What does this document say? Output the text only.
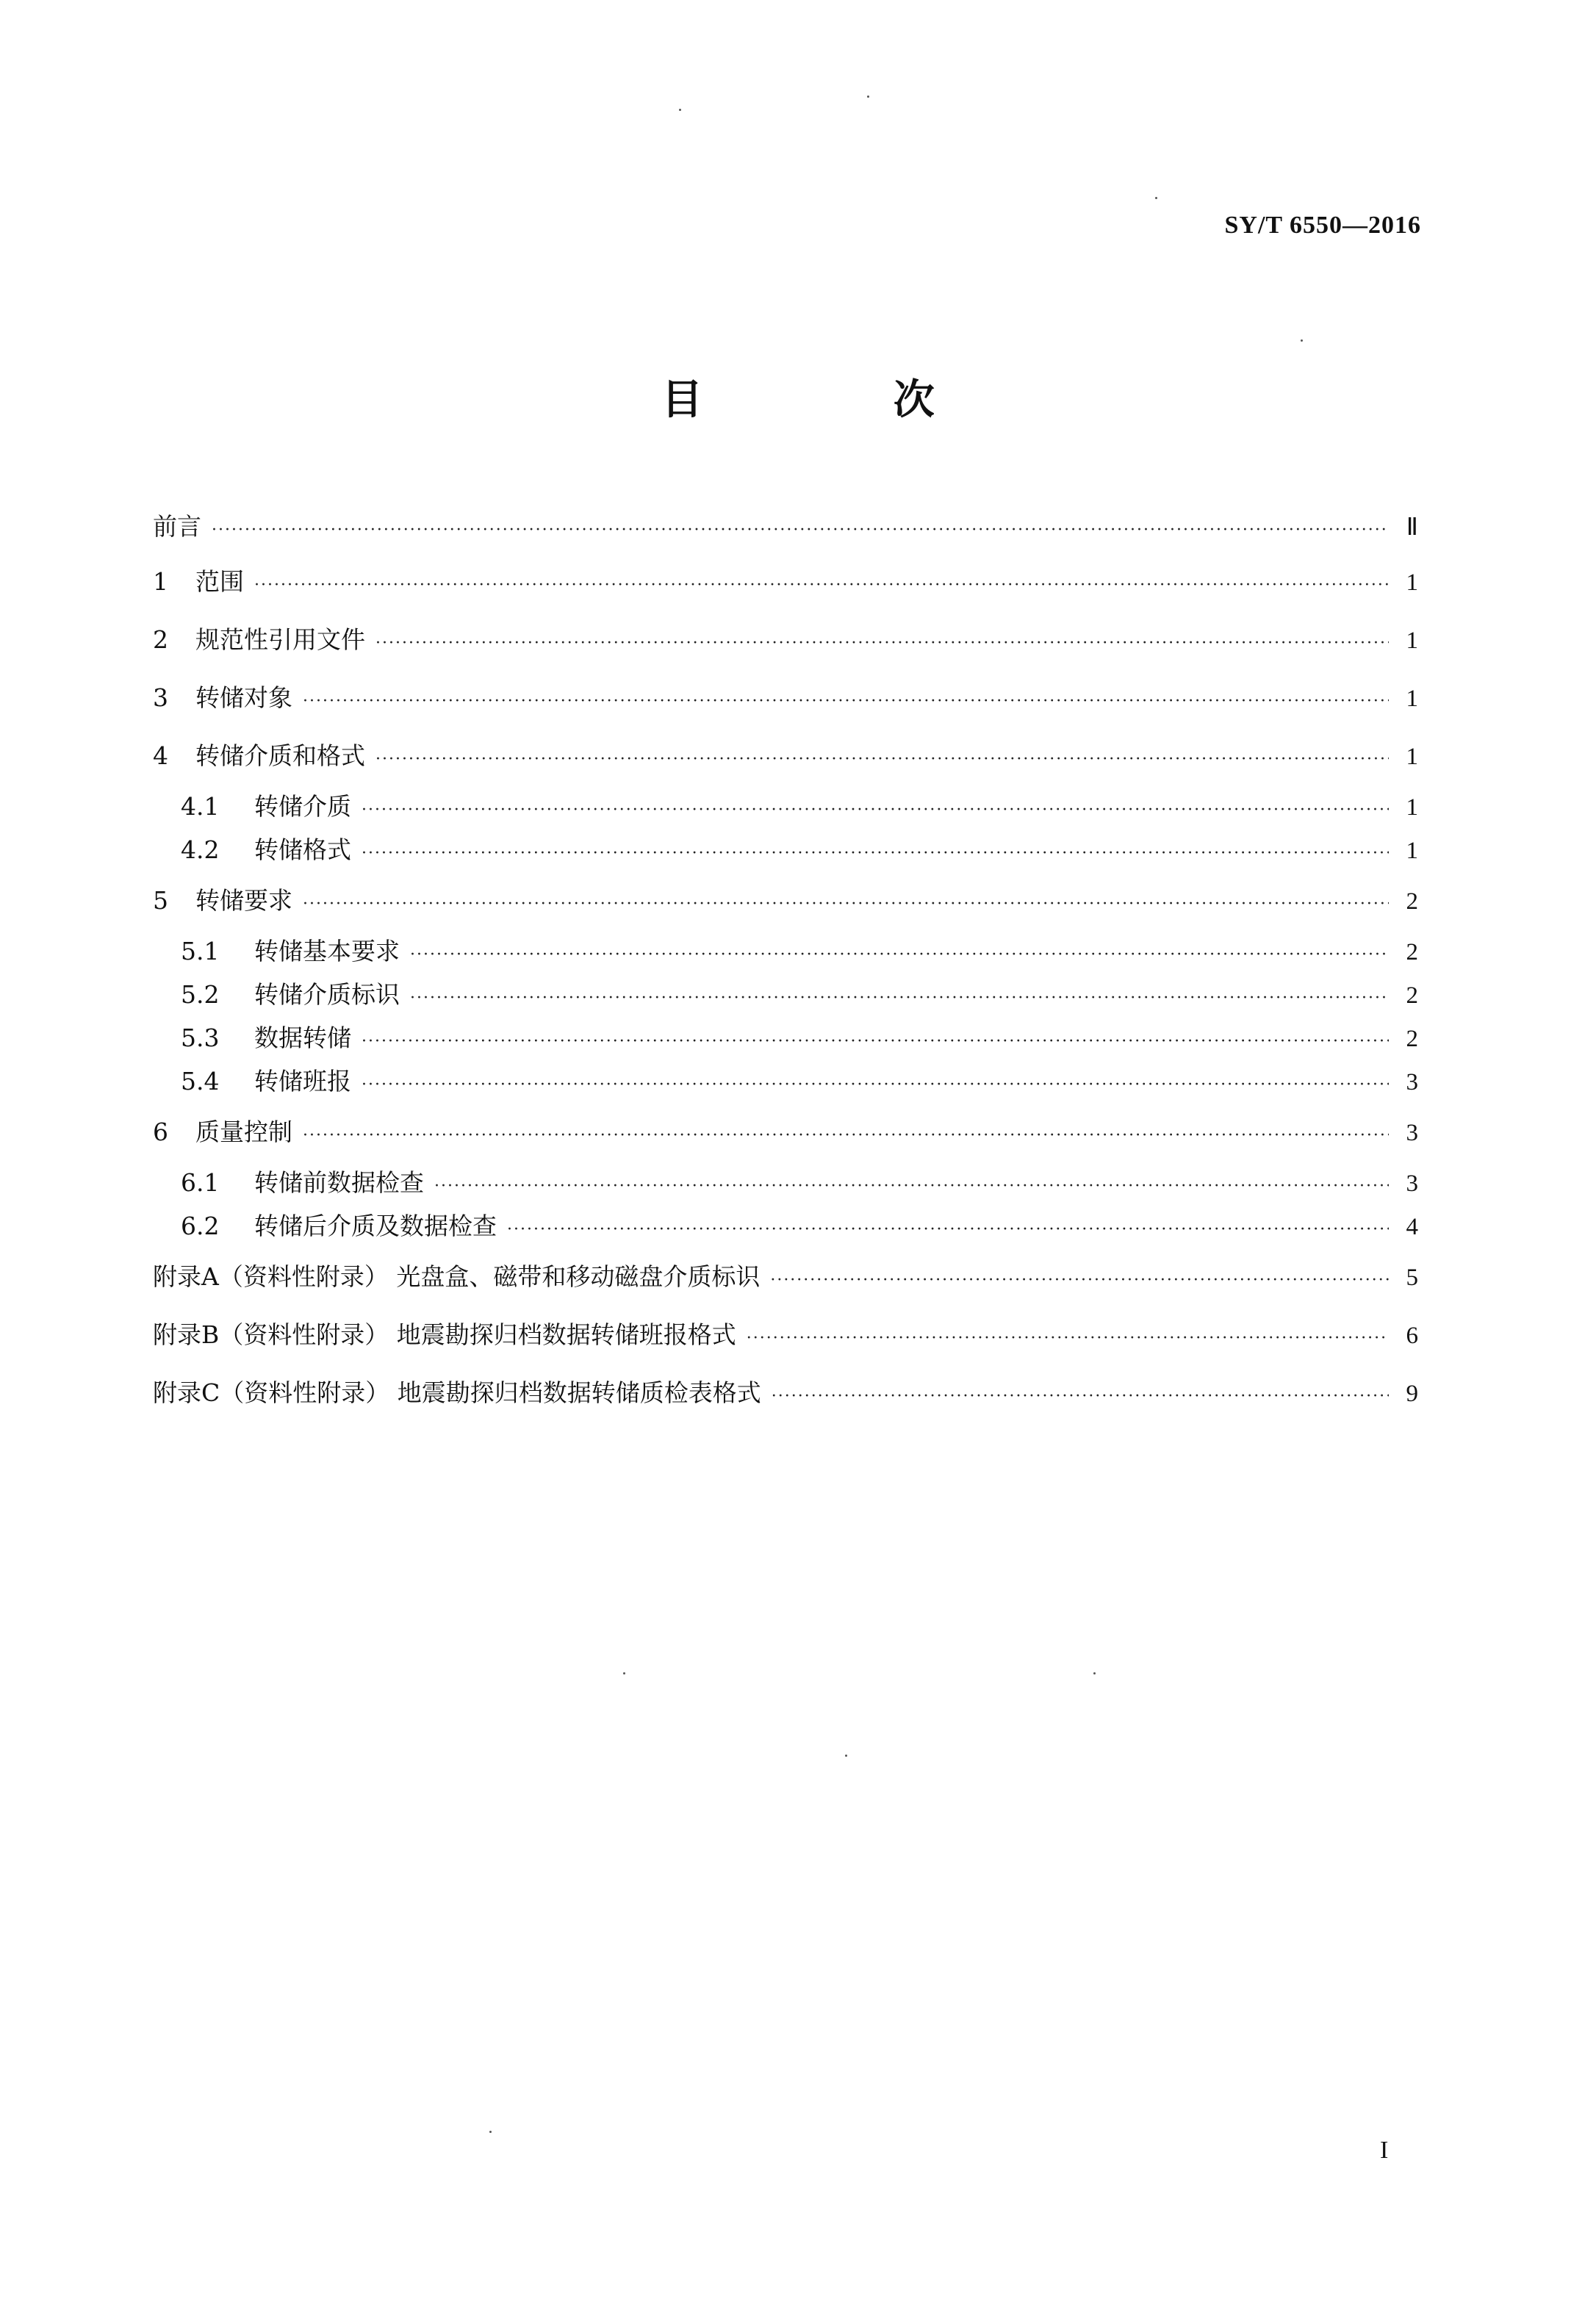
SY/T 6550—2016
目 次
前言 ·····	Ⅱ
1	范围 ·····	1
2	规范性引用文件 ·····	1
3	转储对象 ·····	1
4	转储介质和格式 ·····	1
4.1	转储介质 ·····	1
4.2	转储格式 ·····	1
5	转储要求 ·····	2
5.1	转储基本要求 ·····	2
5.2	转储介质标识 ·····	2
5.3	数据转储 ·····	2
5.4	转储班报 ·····	3
6	质量控制 ·····	3
6.1	转储前数据检查 ·····	3
6.2	转储后介质及数据检查 ·····	4
附录A（资料性附录） 光盘盒、磁带和移动磁盘介质标识 ·····	5
附录B（资料性附录） 地震勘探归档数据转储班报格式 ·····	6
附录C（资料性附录） 地震勘探归档数据转储质检表格式 ·····	9
I
